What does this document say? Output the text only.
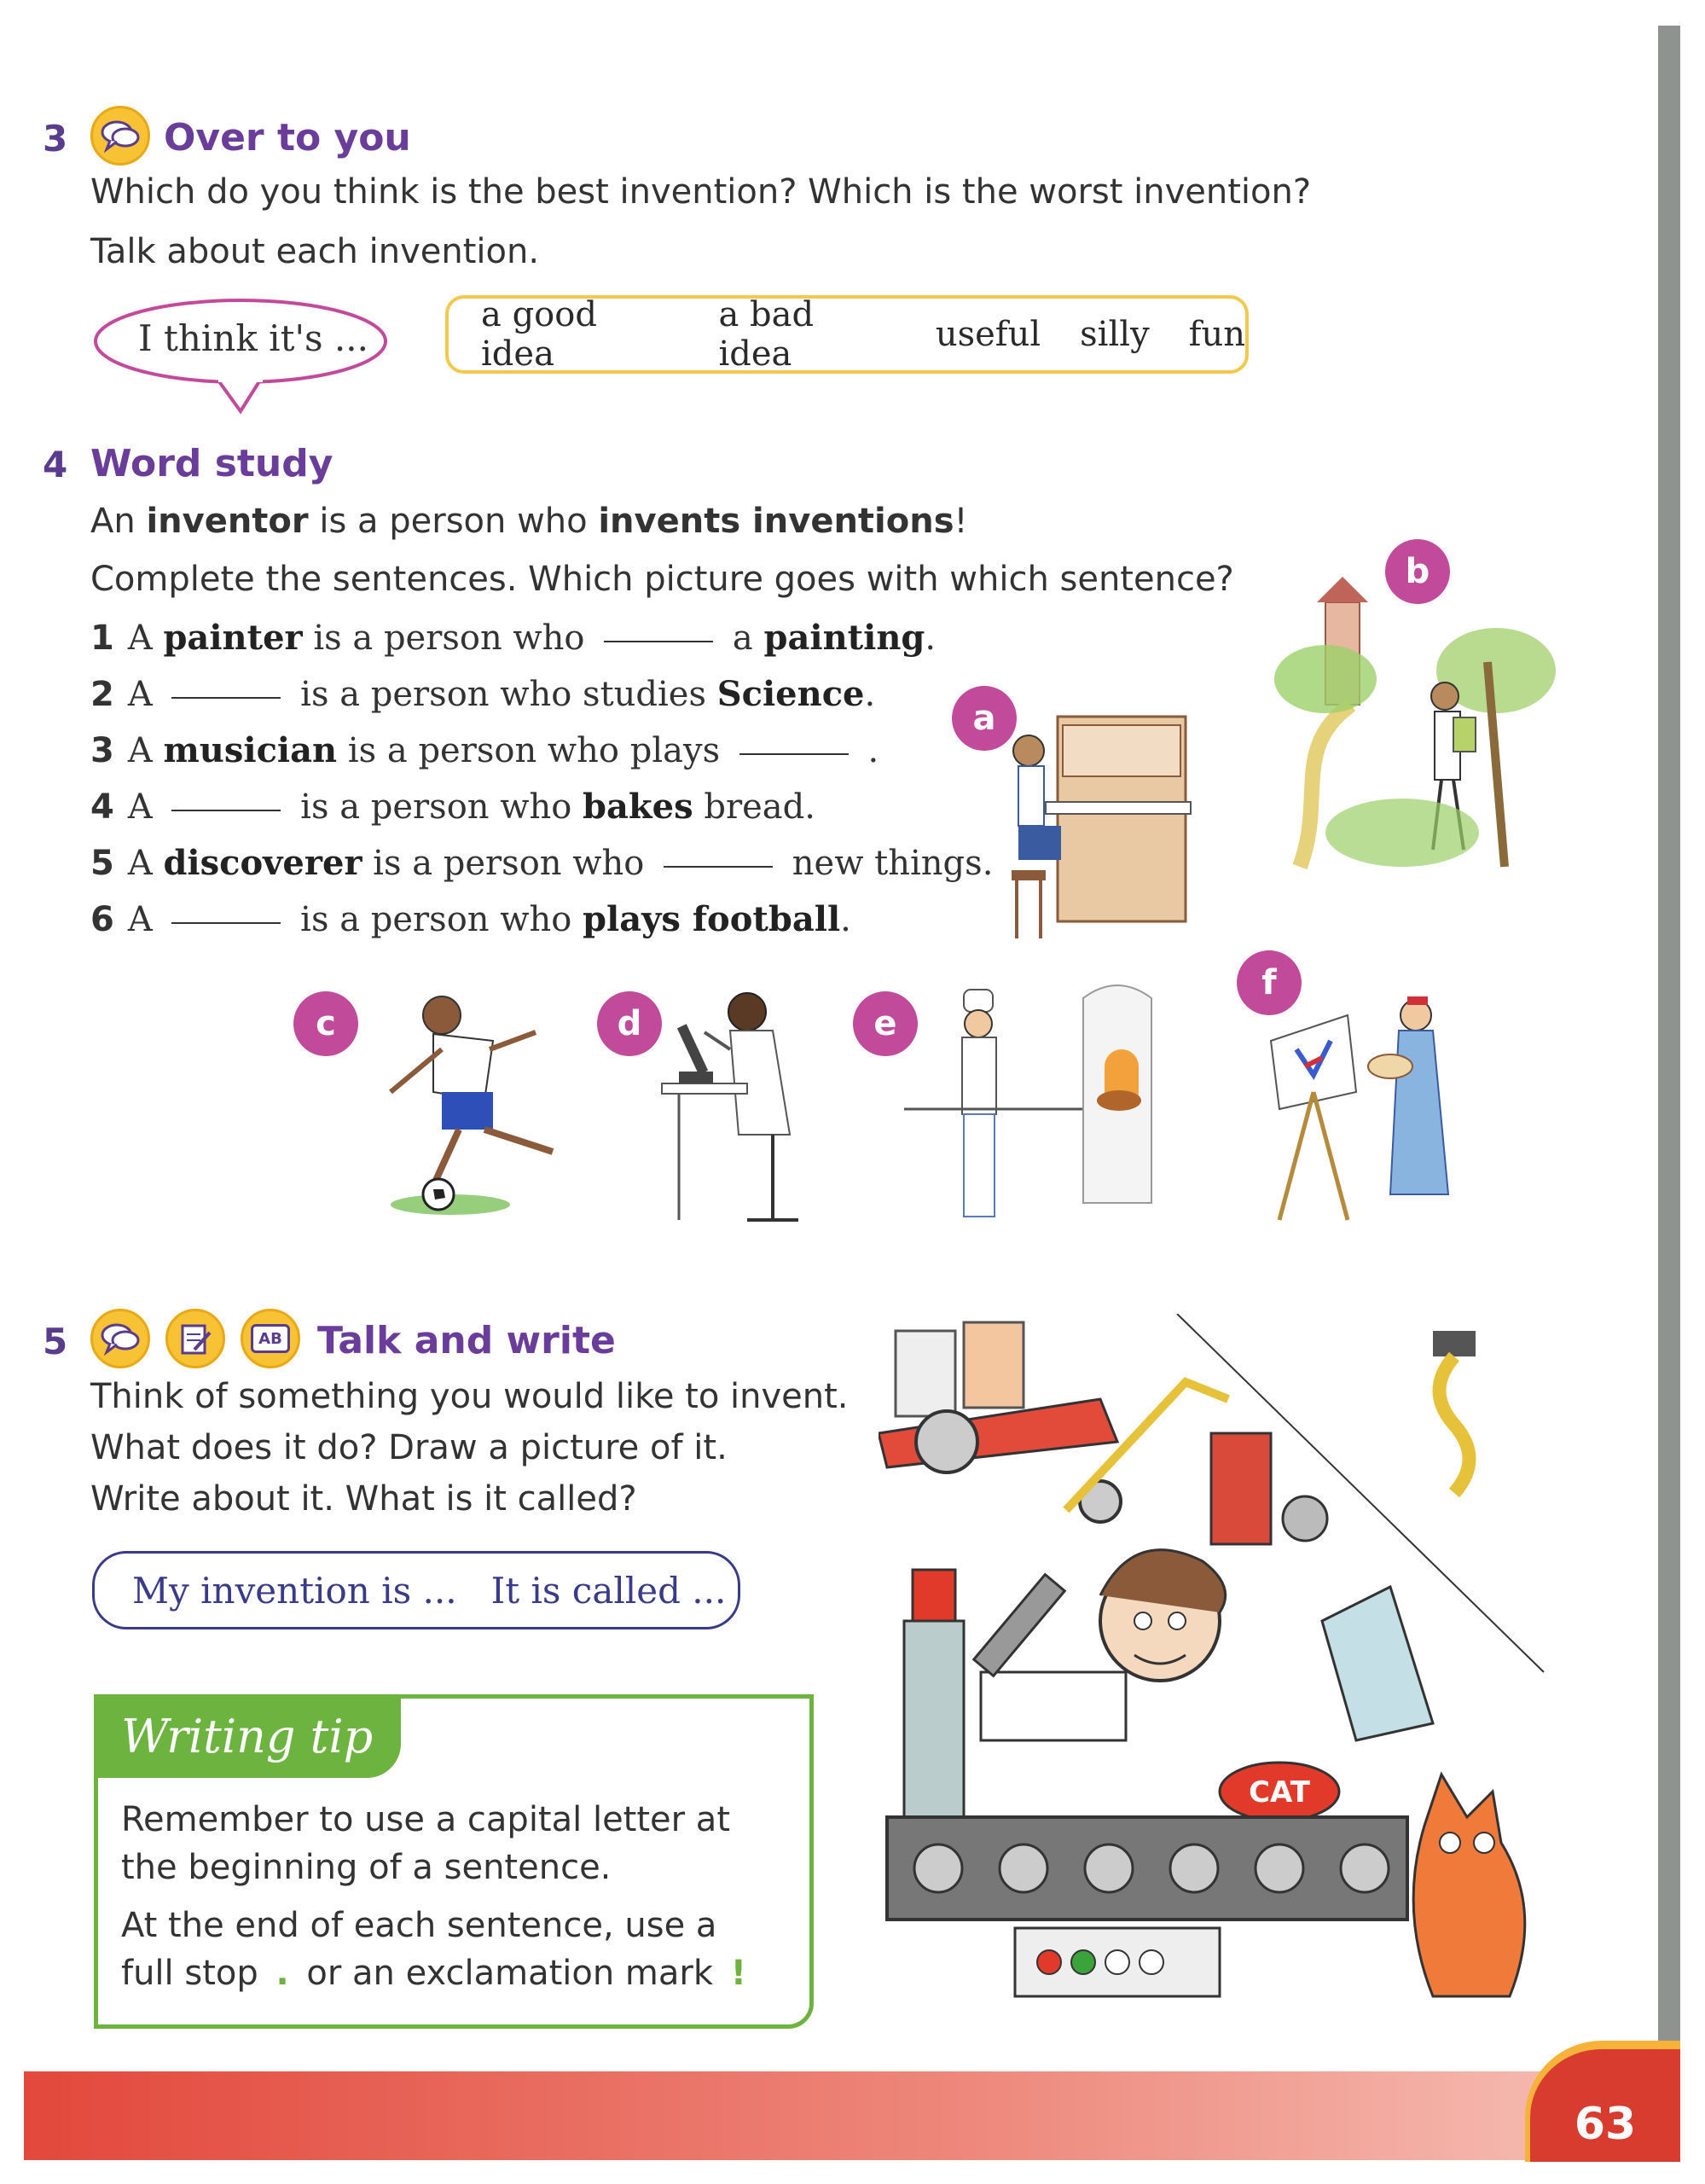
3	Over to you
Which do you think is the best invention? Which is the worst invention?
Talk about each invention.
I think it's ...
a good idea
a bad idea	useful silly fun
4 Word study
An inventor is a person who invents inventions!
Complete the sentences. Which picture goes with which sentence?
1 A painter is a person who	a painting.
2 A	is a person who studies Science.
3 A musician is a person who plays	.
4 A	is a person who bakes bread.
5 A discoverer is a person who	new things.
6 A	is a person who plays football.
a
b
c	d	e
f
5	AB Talk and write
Think of something you would like to invent.
What does it do? Draw a picture of it.
Write about it. What is it called?
My invention is ...   It is called ...
Writing tip
Remember to use a capital letter at
the beginning of a sentence.
At the end of each sentence, use a
full stop . or an exclamation mark !
CAT
63
